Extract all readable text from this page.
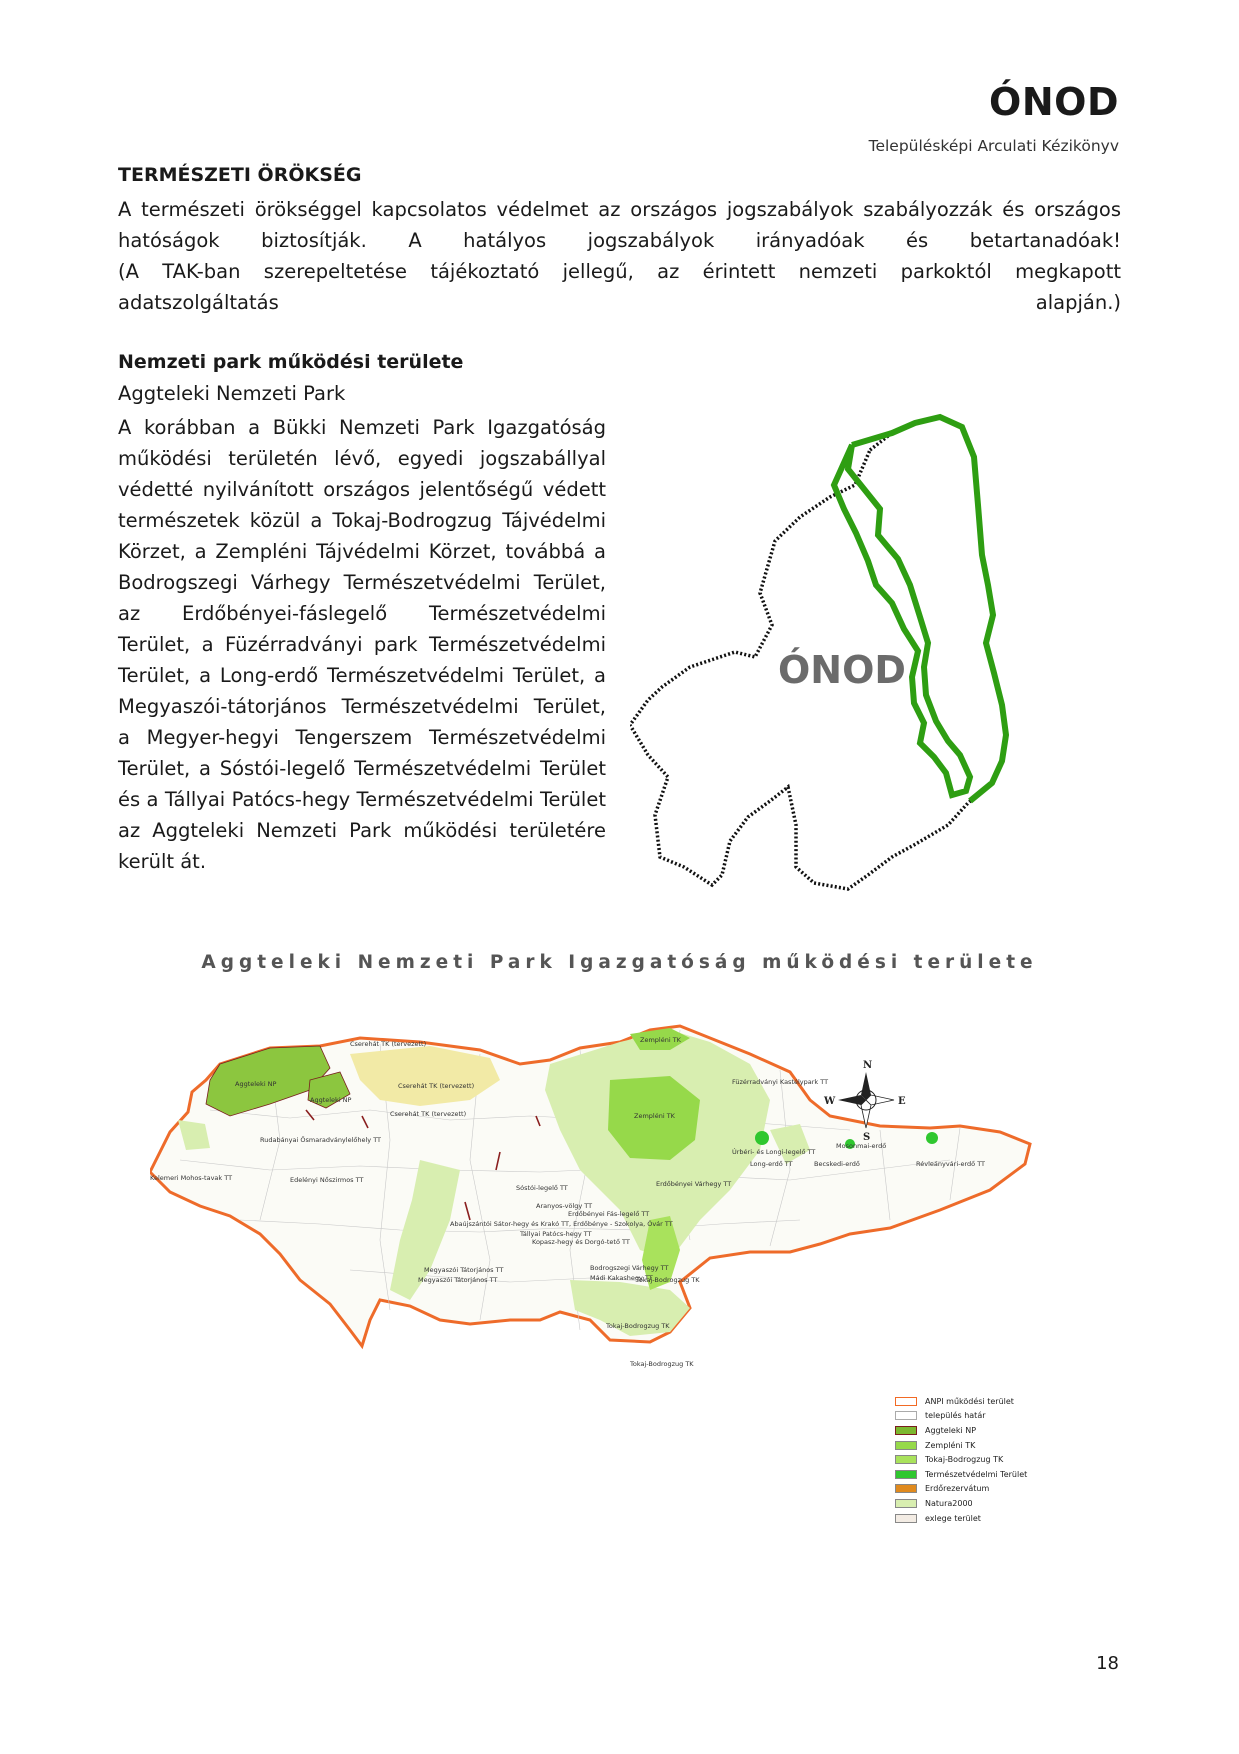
ÓNOD

Településképi Arculati Kézikönyv

TERMÉSZETI ÖRÖKSÉG

A természeti örökséggel kapcsolatos védelmet az országos jogszabályok szabályozzák és országos hatóságok biztosítják. A hatályos jogszabályok irányadóak és betartanadóak!

(A TAK-ban szerepeltetése tájékoztató jellegű, az érintett nemzeti parkoktól megkapott adatszolgáltatás alapján.)

Nemzeti park működési területe

Aggteleki Nemzeti Park

A korábban a Bükki Nemzeti Park Igazgatóság működési területén lévő, egyedi jogszabállyal védetté nyilvánított országos jelentőségű védett természetek közül a Tokaj-Bodrogzug Tájvédelmi Körzet, a Zempléni Tájvédelmi Körzet, továbbá a Bodrogszegi Várhegy Természetvédelmi Terület, az Erdőbényei-fáslegelő Természetvédelmi Terület, a Füzérradványi park Természetvédelmi Terület, a Long-erdő Természetvédelmi Terület, a Megyaszói-tátorjános Természetvédelmi Terület, a Megyer-hegyi Tengerszem Természetvédelmi Terület, a Sóstói-legelő Természetvédelmi Terület és a Tállyai Patócs-hegy Természetvédelmi Terület az Aggteleki Nemzeti Park működési területére került át.

ÓNOD

Aggteleki Nemzeti Park Igazgatóság működési területe

Cserehát TK (tervezett)
Aggteleki NP
Aggteleki NP
Cserehát TK (tervezett)
Cserehát TK (tervezett)
Zempléni TK
Füzérradványi Kastélypark TT
Zempléni TK
Rudabányai Ősmaradványlelőhely TT
Kelemeri Mohos-tavak TT	Edelényi Nőszirmos TT
Úrbéri- és Longi-legelő TT
Long-erdő TT	Becskedi-erdő
Mosonmai-erdő
Révleányvári-erdő TT
Erdőbényei Várhegy TT
Sóstói-legelő TT
Aranyos-völgy TT
Erdőbényei Fás-legelő TT
Abaújszántói Sátor-hegy és Krakó TT, Erdőbénye - Szokolya, Óvár TT
Tállyai Patócs-hegy TT
Kopasz-hegy és Dorgó-tető TT
Megyaszói Tátorjános TT
Megyaszói Tátorjános TT
Bodrogszegi Várhegy TT
Mádi Kakashegy TT
Tokaj-Bodrogzug TK
Tokaj-Bodrogzug TK
Tokaj-Bodrogzug TK
N
S
E
W
ANPI működési terület
település határ
Aggteleki NP
Zempléni TK
Tokaj-Bodrogzug TK
Természetvédelmi Terület
Erdőrezervátum
Natura2000
exlege terület

18
